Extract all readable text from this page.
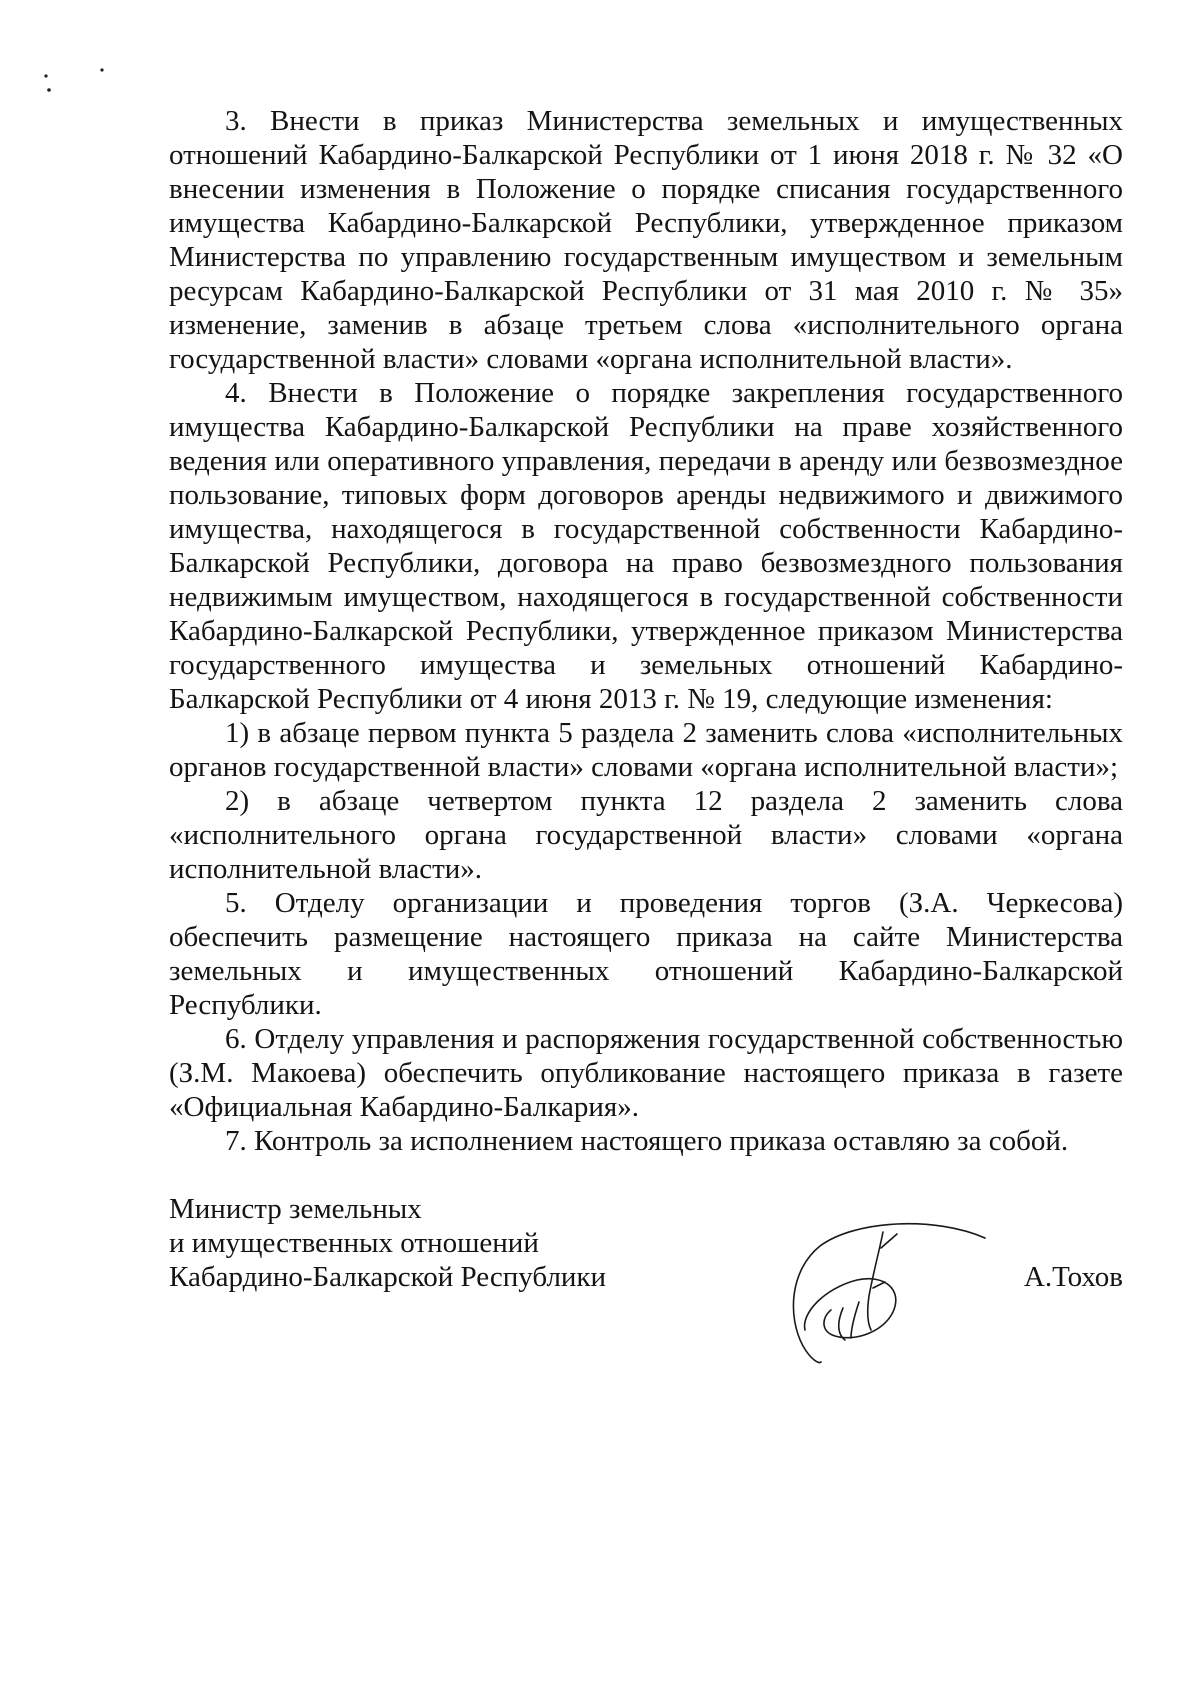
3. Внести в приказ Министерства земельных и имущественных отношений Кабардино-Балкарской Республики от 1 июня 2018 г. № 32 «О внесении изменения в Положение о порядке списания государственного имущества Кабардино-Балкарской Республики, утвержденное приказом Министерства по управлению государственным имуществом и земельным ресурсам Кабардино-Балкарской Республики от 31 мая 2010 г. № 35» изменение, заменив в абзаце третьем слова «исполнительного органа государственной власти» словами «органа исполнительной власти».

4. Внести в Положение о порядке закрепления государственного имущества Кабардино-Балкарской Республики на праве хозяйственного ведения или оперативного управления, передачи в аренду или безвозмездное пользование, типовых форм договоров аренды недвижимого и движимого имущества, находящегося в государственной собственности Кабардино-Балкарской Республики, договора на право безвозмездного пользования недвижимым имуществом, находящегося в государственной собственности Кабардино-Балкарской Республики, утвержденное приказом Министерства государственного имущества и земельных отношений Кабардино-Балкарской Республики от 4 июня 2013 г. № 19, следующие изменения:

1) в абзаце первом пункта 5 раздела 2 заменить слова «исполнительных органов государственной власти» словами «органа исполнительной власти»;

2) в абзаце четвертом пункта 12 раздела 2 заменить слова «исполнительного органа государственной власти» словами «органа исполнительной власти».

5. Отделу организации и проведения торгов (З.А. Черкесова) обеспечить размещение настоящего приказа на сайте Министерства земельных и имущественных отношений Кабардино-Балкарской Республики.

6. Отделу управления и распоряжения государственной собственностью (З.М. Макоева) обеспечить опубликование настоящего приказа в газете «Официальная Кабардино-Балкария».

7. Контроль за исполнением настоящего приказа оставляю за собой.

Министр земельных
и имущественных отношений
Кабардино-Балкарской Республики	А.Тохов
